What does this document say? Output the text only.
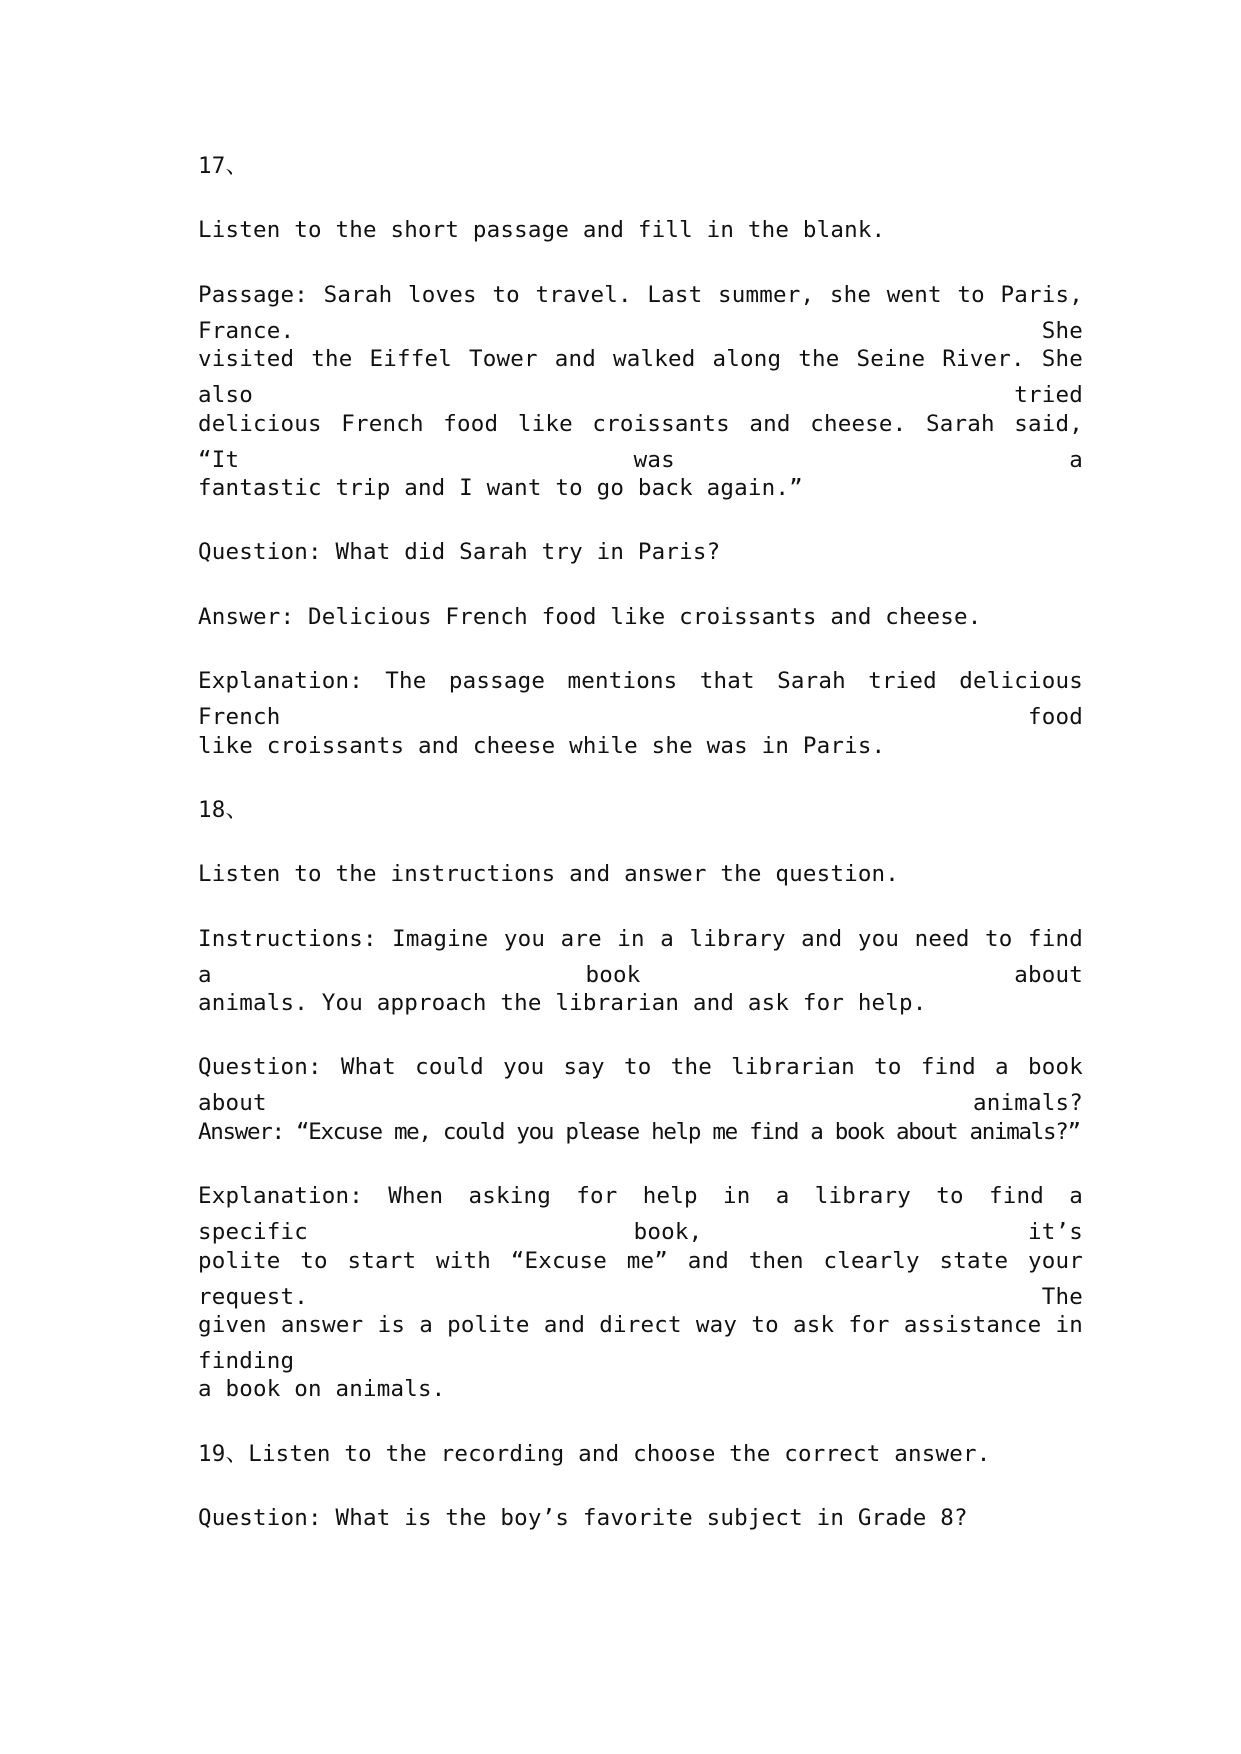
17、
Listen to the short passage and fill in the blank.
Passage: Sarah loves to travel. Last summer, she went to Paris, France. She
visited the Eiffel Tower and walked along the Seine River. She also tried
delicious French food like croissants and cheese. Sarah said, “It was a
fantastic trip and I want to go back again.”
Question: What did Sarah try in Paris?
Answer: Delicious French food like croissants and cheese.
Explanation: The passage mentions that Sarah tried delicious French food
like croissants and cheese while she was in Paris.
18、
Listen to the instructions and answer the question.
Instructions: Imagine you are in a library and you need to find a book about
animals. You approach the librarian and ask for help.
Question: What could you say to the librarian to find a book about animals?
Answer: “Excuse me, could you please help me find a book about animals?”
Explanation: When asking for help in a library to find a specific book, it’s
polite to start with “Excuse me” and then clearly state your request. The
given answer is a polite and direct way to ask for assistance in finding
a book on animals.
19、Listen to the recording and choose the correct answer.
Question: What is the boy’s favorite subject in Grade 8?
